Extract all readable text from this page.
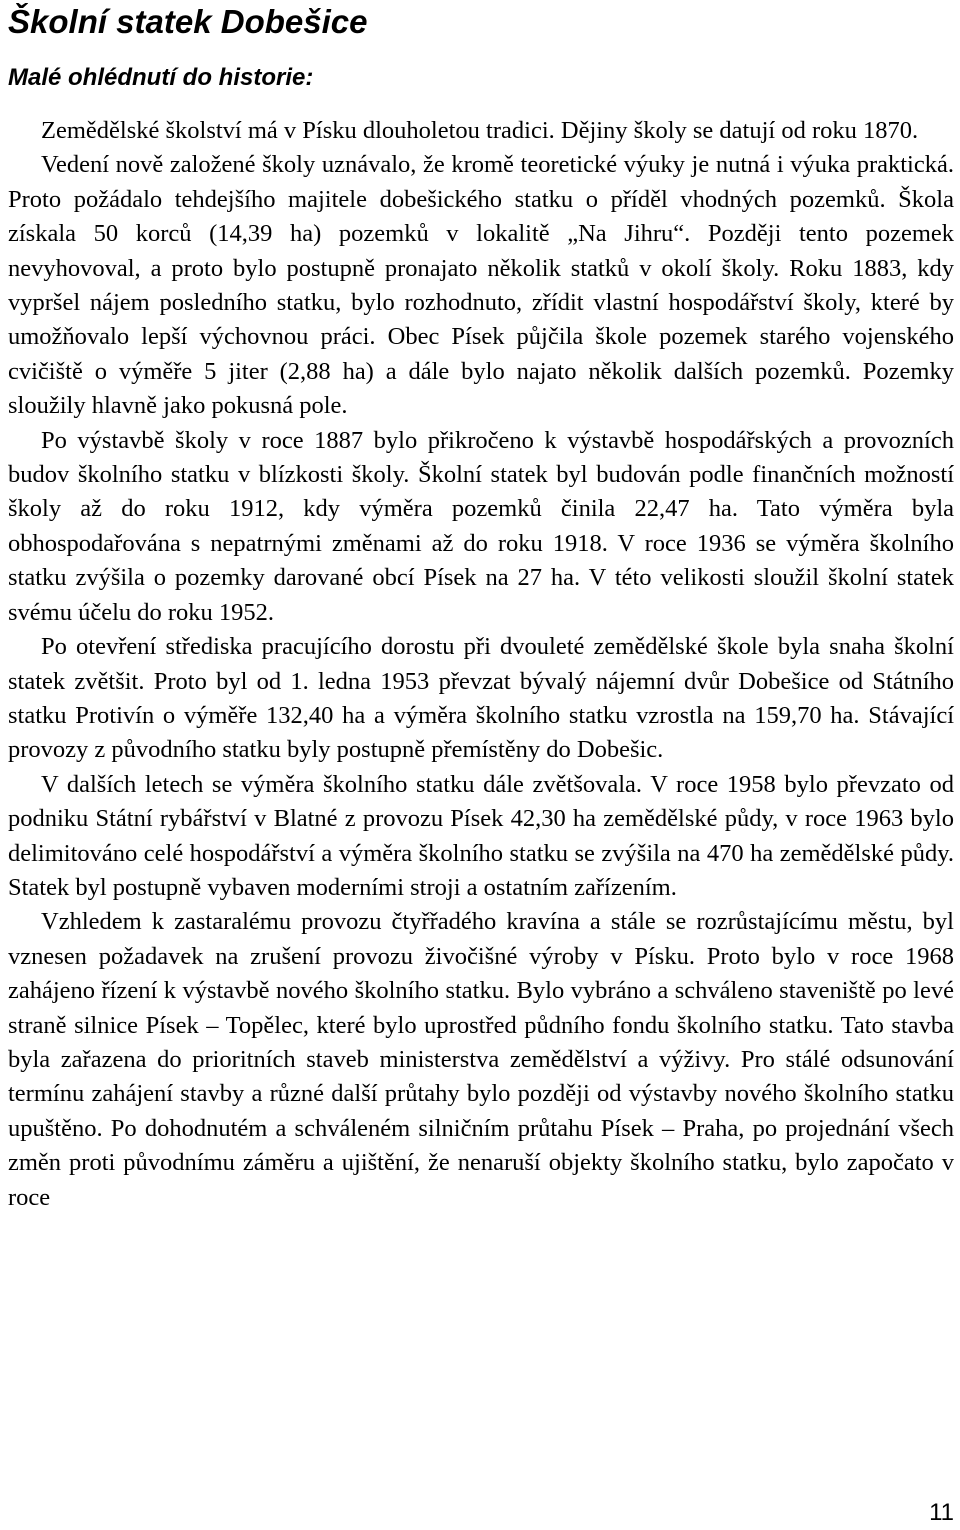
Školní statek Dobešice
Malé ohlédnutí do historie:

Zemědělské školství má v Písku dlouholetou tradici. Dějiny školy se datují od roku 1870.

Vedení nově založené školy uznávalo, že kromě teoretické výuky je nutná i výuka praktická. Proto požádalo tehdejšího majitele dobešického statku o příděl vhodných pozemků. Škola získala 50 korců (14,39 ha) pozemků v lokalitě „Na Jihru“. Později tento pozemek nevyhovoval, a proto bylo postupně pronajato několik statků v okolí školy. Roku 1883, kdy vypršel nájem posledního statku, bylo rozhodnuto, zřídit vlastní hospodářství školy, které by umožňovalo lepší výchovnou práci. Obec Písek půjčila škole pozemek starého vojenského cvičiště o výměře 5 jiter (2,88 ha) a dále bylo najato několik dalších pozemků. Pozemky sloužily hlavně jako pokusná pole.

Po výstavbě školy v roce 1887 bylo přikročeno k výstavbě hospodářských a provozních budov školního statku v blízkosti školy. Školní statek byl budován podle finančních možností školy až do roku 1912, kdy výměra pozemků činila 22,47 ha. Tato výměra byla obhospodařována s nepatrnými změnami až do roku 1918. V roce 1936 se výměra školního statku zvýšila o pozemky darované obcí Písek na 27 ha. V této velikosti sloužil školní statek svému účelu do roku 1952.

Po otevření střediska pracujícího dorostu při dvouleté zemědělské škole byla snaha školní statek zvětšit. Proto byl od 1. ledna 1953 převzat bývalý nájemní dvůr Dobešice od Státního statku Protivín o výměře 132,40 ha a výměra školního statku vzrostla na 159,70 ha. Stávající provozy z původního statku byly postupně přemístěny do Dobešic.

V dalších letech se výměra školního statku dále zvětšovala. V roce 1958 bylo převzato od podniku Státní rybářství v Blatné z provozu Písek 42,30 ha zemědělské půdy, v roce 1963 bylo delimitováno celé hospodářství a výměra školního statku se zvýšila na 470 ha zemědělské půdy. Statek byl postupně vybaven moderními stroji a ostatním zařízením.

Vzhledem k zastaralému provozu čtyřřadého kravína a stále se rozrůstajícímu městu, byl vznesen požadavek na zrušení provozu živočišné výroby v Písku. Proto bylo v roce 1968 zahájeno řízení k výstavbě nového školního statku. Bylo vybráno a schváleno staveniště po levé straně silnice Písek – Topělec, které bylo uprostřed půdního fondu školního statku. Tato stavba byla zařazena do prioritních staveb ministerstva zemědělství a výživy. Pro stálé odsunování termínu zahájení stavby a různé další průtahy bylo později od výstavby nového školního statku upuštěno. Po dohodnutém a schváleném silničním průtahu Písek – Praha, po projednání všech změn proti původnímu záměru a ujištění, že nenaruší objekty školního statku, bylo započato v roce

11
